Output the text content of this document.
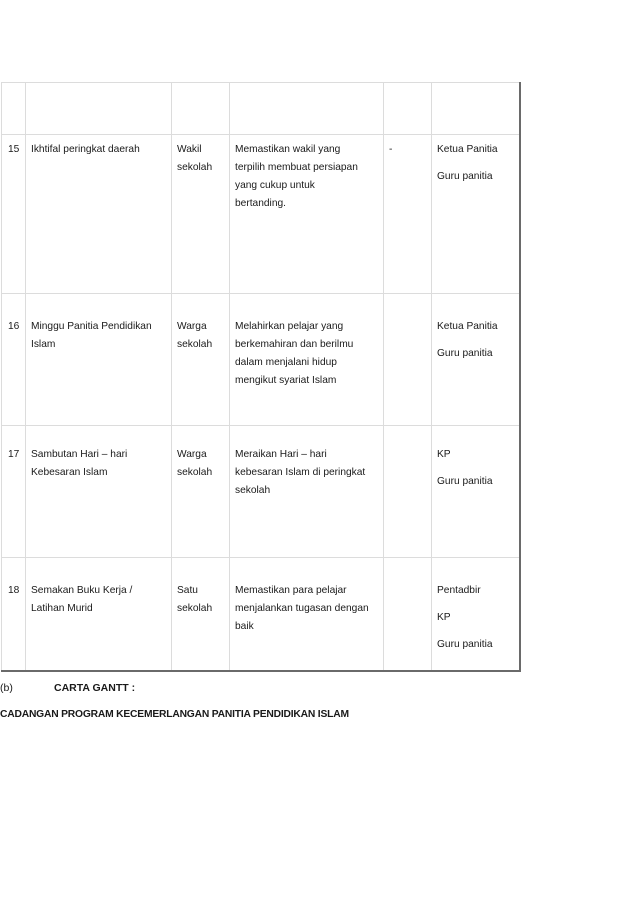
15	Ikhtifal peringkat daerah	Wakil
sekolah	Memastikan wakil yang
terpilih membuat persiapan
yang cukup untuk
bertanding.	-	Ketua Panitia
Guru panitia

16	Minggu Panitia Pendidikan
Islam	Warga
sekolah	Melahirkan pelajar yang
berkemahiran dan berilmu
dalam menjalani hidup
mengikut syariat Islam		Ketua Panitia
Guru panitia

17	Sambutan Hari – hari
Kebesaran Islam	Warga
sekolah	Meraikan Hari – hari
kebesaran Islam di peringkat
sekolah		KP
Guru panitia

18	Semakan Buku Kerja /
Latihan Murid	Satu
sekolah	Memastikan para pelajar
menjalankan tugasan dengan
baik		Pentadbir
KP
Guru panitia
(b)	CARTA GANTT :
CADANGAN PROGRAM KECEMERLANGAN PANITIA PENDIDIKAN ISLAM
